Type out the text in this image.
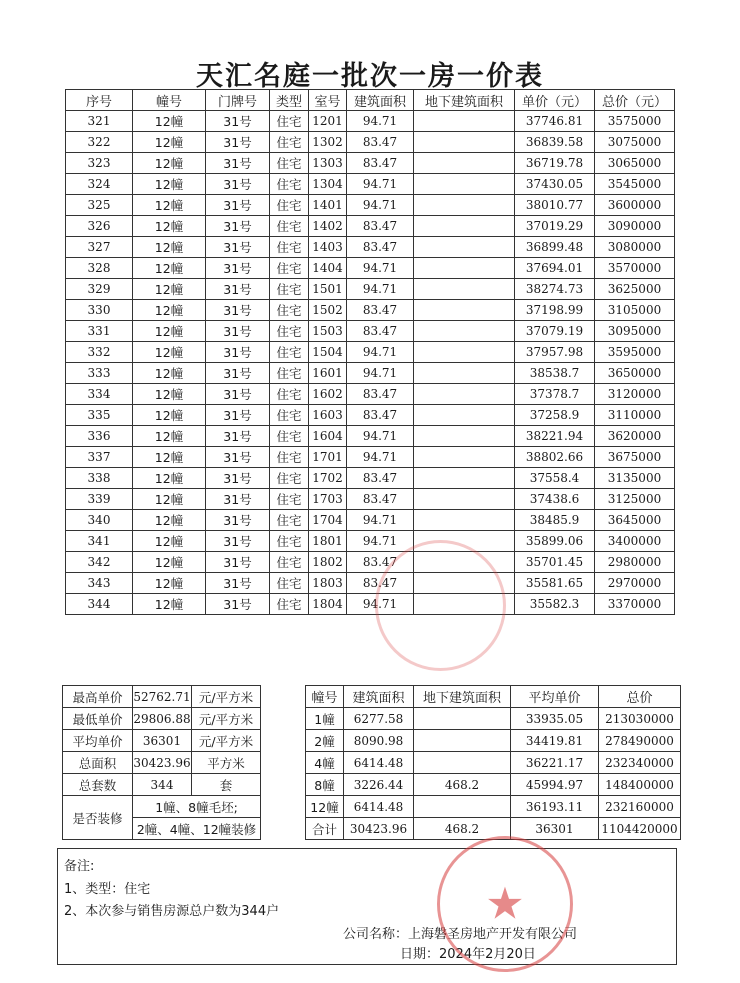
天汇名庭一批次一房一价表
序号	幢号	门牌号	类型	室号	建筑面积	地下建筑面积	单价（元）	总价（元）
321	12幢	31号	住宅	1201	94.71		37746.81	3575000
322	12幢	31号	住宅	1302	83.47		36839.58	3075000
323	12幢	31号	住宅	1303	83.47		36719.78	3065000
324	12幢	31号	住宅	1304	94.71		37430.05	3545000
325	12幢	31号	住宅	1401	94.71		38010.77	3600000
326	12幢	31号	住宅	1402	83.47		37019.29	3090000
327	12幢	31号	住宅	1403	83.47		36899.48	3080000
328	12幢	31号	住宅	1404	94.71		37694.01	3570000
329	12幢	31号	住宅	1501	94.71		38274.73	3625000
330	12幢	31号	住宅	1502	83.47		37198.99	3105000
331	12幢	31号	住宅	1503	83.47		37079.19	3095000
332	12幢	31号	住宅	1504	94.71		37957.98	3595000
333	12幢	31号	住宅	1601	94.71		38538.7	3650000
334	12幢	31号	住宅	1602	83.47		37378.7	3120000
335	12幢	31号	住宅	1603	83.47		37258.9	3110000
336	12幢	31号	住宅	1604	94.71		38221.94	3620000
337	12幢	31号	住宅	1701	94.71		38802.66	3675000
338	12幢	31号	住宅	1702	83.47		37558.4	3135000
339	12幢	31号	住宅	1703	83.47		37438.6	3125000
340	12幢	31号	住宅	1704	94.71		38485.9	3645000
341	12幢	31号	住宅	1801	94.71		35899.06	3400000
342	12幢	31号	住宅	1802	83.47		35701.45	2980000
343	12幢	31号	住宅	1803	83.47		35581.65	2970000
344	12幢	31号	住宅	1804	94.71		35582.3	3370000
最高单价	52762.71	元/平方米
最低单价	29806.88	元/平方米
平均单价	36301	元/平方米
总面积	30423.96	平方米
总套数	344	套
是否装修	1幢、8幢毛坯;	
	2幢、4幢、12幢装修	
幢号	建筑面积	地下建筑面积	平均单价	总价
1幢	6277.58		33935.05	213030000
2幢	8090.98		34419.81	278490000
4幢	6414.48		36221.17	232340000
8幢	3226.44	468.2	45994.97	148400000
12幢	6414.48		36193.11	232160000
合计	30423.96	468.2	36301	1104420000
备注:
1、类型：住宅
2、本次参与销售房源总户数为344户
公司名称：上海磐圣房地产开发有限公司
日期：2024年2月20日
★
